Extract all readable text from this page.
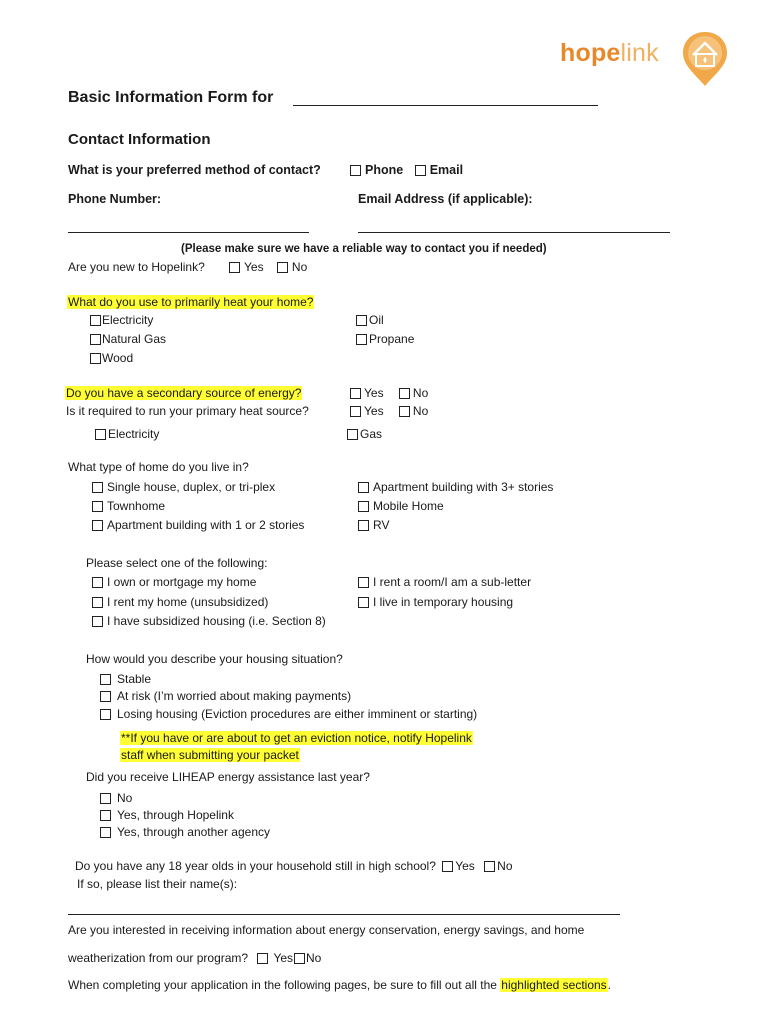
hopelink
Basic Information Form for
Contact Information
What is your preferred method of contact?	Phone Email
Phone Number:	Email Address (if applicable):
(Please make sure we have a reliable way to contact you if needed)
Are you new to Hopelink?	Yes No
What do you use to primarily heat your home?
Electricity
Natural Gas
Wood
Oil
Propane
Do you have a secondary source of energy?
Is it required to run your primary heat source?
Yes No
Yes No
Electricity	Gas
What type of home do you live in?
Single house, duplex, or tri-plex
Townhome
Apartment building with 1 or 2 stories
Apartment building with 3+ stories
Mobile Home
RV
Please select one of the following:
I own or mortgage my home
I rent my home (unsubsidized)
I have subsidized housing (i.e. Section 8)
I rent a room/I am a sub-letter
I live in temporary housing
How would you describe your housing situation?
Stable
At risk (I’m worried about making payments)
Losing housing (Eviction procedures are either imminent or starting)
**If you have or are about to get an eviction notice, notify Hopelink
staff when submitting your packet
Did you receive LIHEAP energy assistance last year?
No
Yes, through Hopelink
Yes, through another agency
Do you have any 18 year olds in your household still in high school? Yes No
If so, please list their name(s):
Are you interested in receiving information about energy conservation, energy savings, and home
weatherization from our program? Yes No
When completing your application in the following pages, be sure to fill out all the highlighted sections.
